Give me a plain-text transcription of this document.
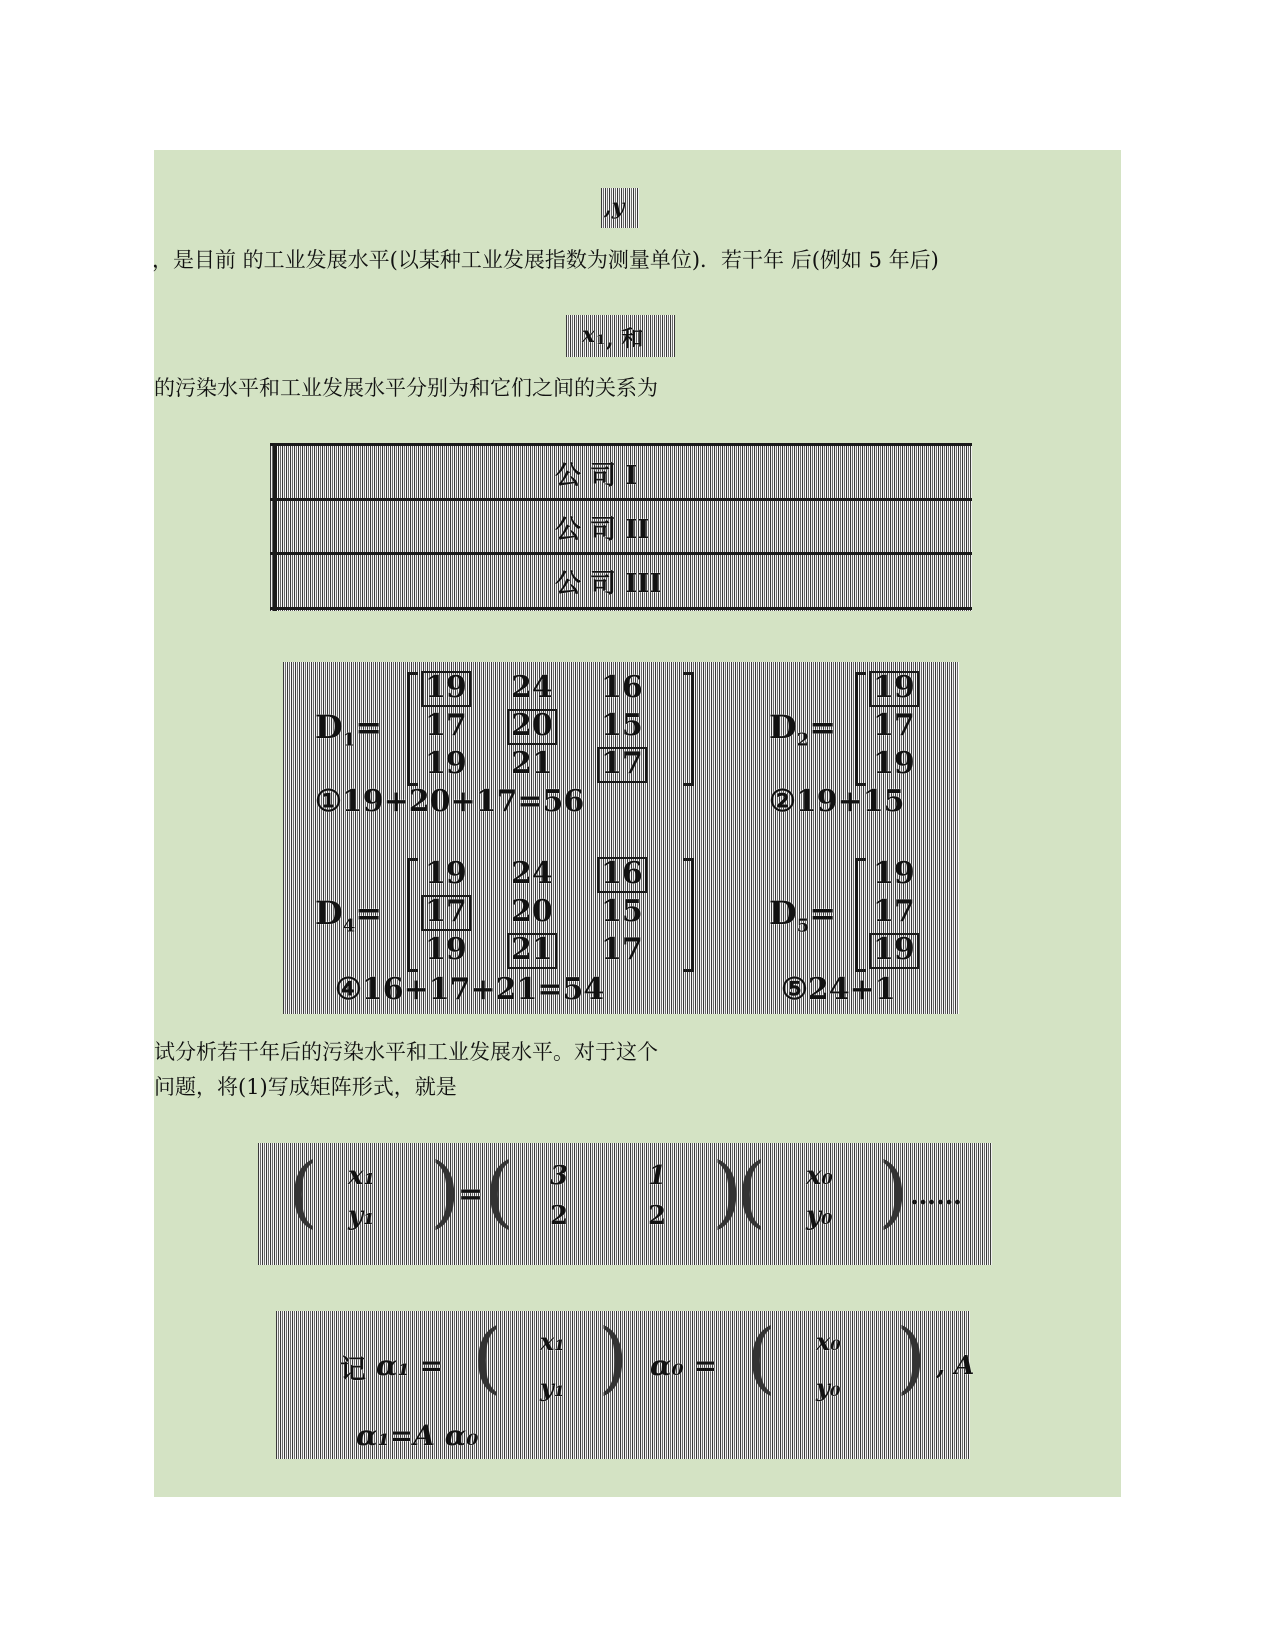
,y
，是目前 的工业发展水平(以某种工业发展指数为测量单位)．若干年 后(例如 5 年后)
x 1 , 和
的污染水平和工业发展水平分别为和它们之间的关系为
公 司 I
公 司 II
公 司 III
$D_1=$
19 24 16
17 20 15
19 21 17
①19+20+17=56
$D_2=$
19
17
19
②19+15
$D_4=$
19 24 16
17 20 15
19 21 17
④16+17+21=54
$D_5=$
19
17
19
⑤24+1
试分析若干年后的污染水平和工业发展水平。对于这个
问题，将(1)写成矩阵形式，就是
( x₁
y₁ )
= ( 3	1
2	2 )
( x₀
y₀ ) ……
记 α₁ = ( x₁
y₁ ) α₀ = ( x₀
y₀ ) , A
α₁=A α₀
